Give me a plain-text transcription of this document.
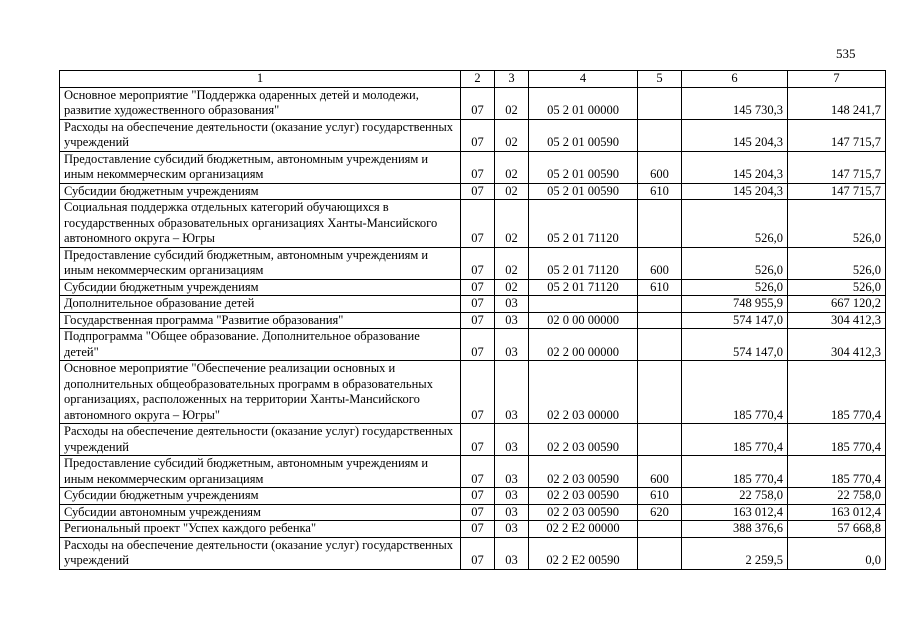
535
1	2	3	4	5	6	7
Основное мероприятие "Поддержка одаренных детей и молодежи, развитие художественного образования"	07	02	05 2 01 00000		145 730,3	148 241,7
Расходы на обеспечение деятельности (оказание услуг) государственных учреждений	07	02	05 2 01 00590		145 204,3	147 715,7
Предоставление субсидий бюджетным, автономным учреждениям и иным некоммерческим организациям	07	02	05 2 01 00590	600	145 204,3	147 715,7
Субсидии бюджетным учреждениям	07	02	05 2 01 00590	610	145 204,3	147 715,7
Социальная поддержка отдельных категорий обучающихся в государственных образовательных организациях Ханты-Мансийского автономного округа – Югры	07	02	05 2 01 71120		526,0	526,0
Предоставление субсидий бюджетным, автономным учреждениям и иным некоммерческим организациям	07	02	05 2 01 71120	600	526,0	526,0
Субсидии бюджетным учреждениям	07	02	05 2 01 71120	610	526,0	526,0
Дополнительное образование детей	07	03			748 955,9	667 120,2
Государственная программа "Развитие образования"	07	03	02 0 00 00000		574 147,0	304 412,3
Подпрограмма "Общее образование. Дополнительное образование детей"	07	03	02 2 00 00000		574 147,0	304 412,3
Основное мероприятие "Обеспечение реализации основных и дополнительных общеобразовательных программ в образовательных организациях, расположенных на территории Ханты-Мансийского автономного округа – Югры"	07	03	02 2 03 00000		185 770,4	185 770,4
Расходы на обеспечение деятельности (оказание услуг) государственных учреждений	07	03	02 2 03 00590		185 770,4	185 770,4
Предоставление субсидий бюджетным, автономным учреждениям и иным некоммерческим организациям	07	03	02 2 03 00590	600	185 770,4	185 770,4
Субсидии бюджетным учреждениям	07	03	02 2 03 00590	610	22 758,0	22 758,0
Субсидии автономным учреждениям	07	03	02 2 03 00590	620	163 012,4	163 012,4
Региональный проект "Успех каждого ребенка"	07	03	02 2 E2 00000		388 376,6	57 668,8
Расходы на обеспечение деятельности (оказание услуг) государственных учреждений	07	03	02 2 E2 00590		2 259,5	0,0
